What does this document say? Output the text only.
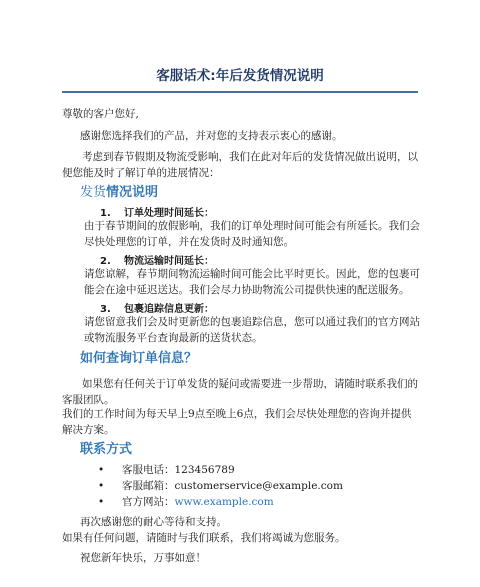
客服话术:年后发货情况说明
尊敬的客户您好,
感谢您选择我们的产品，并对您的支持表示衷心的感谢。
考虑到春节假期及物流受影响，我们在此对年后的发货情况做出说明，以便您能及时了解订单的进展情况：
发货情况说明
1. 订单处理时间延长：
由于春节期间的放假影响，我们的订单处理时间可能会有所延长。我们会尽快处理您的订单，并在发货时及时通知您。
2. 物流运输时间延长：
请您谅解，春节期间物流运输时间可能会比平时更长。因此，您的包裹可能会在途中延迟送达。我们会尽力协助物流公司提供快速的配送服务。
3. 包裹追踪信息更新：
请您留意我们会及时更新您的包裹追踪信息，您可以通过我们的官方网站或物流服务平台查询最新的送货状态。
如何查询订单信息？
如果您有任何关于订单发货的疑问或需要进一步帮助，请随时联系我们的客服团队。
我们的工作时间为每天早上9点至晚上6点，我们会尽快处理您的咨询并提供解决方案。
联系方式
• 客服电话：123456789
• 客服邮箱：customerservice@example.com
• 官方网站：www.example.com
再次感谢您的耐心等待和支持。
如果有任何问题，请随时与我们联系，我们将竭诚为您服务。
祝您新年快乐，万事如意！
